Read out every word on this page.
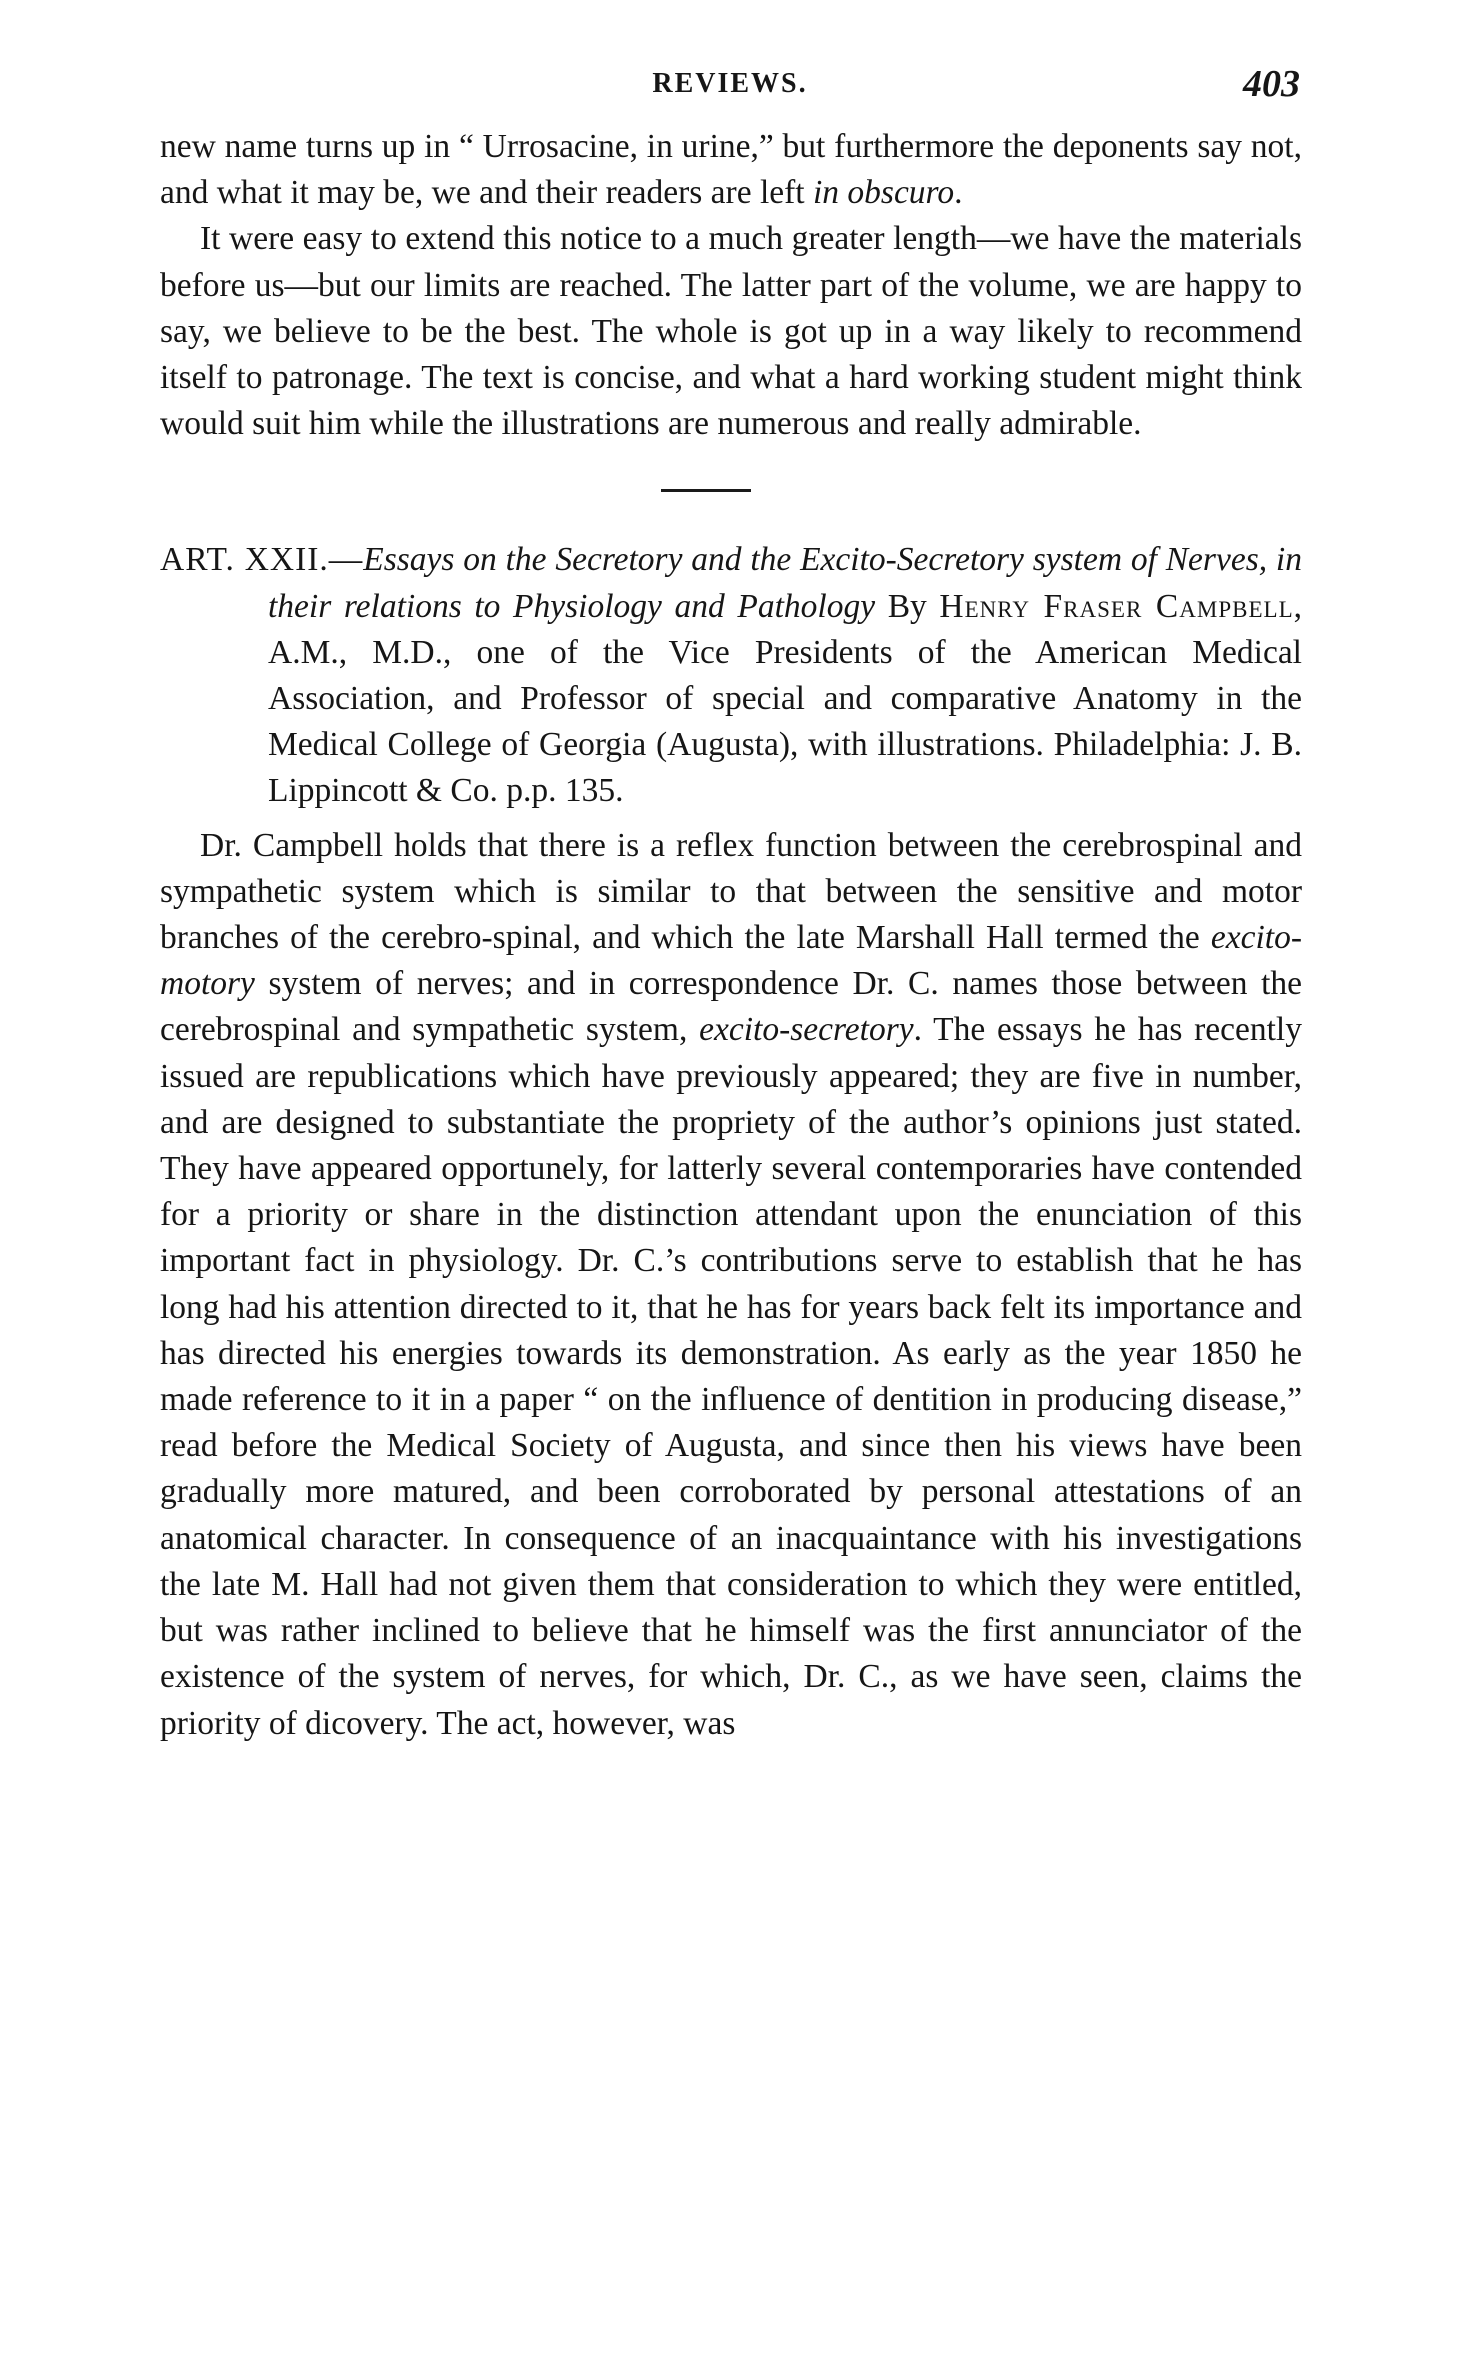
REVIEWS.	403

new name turns up in “ Urrosacine, in urine,” but furthermore the deponents say not, and what it may be, we and their readers are left in obscuro.

It were easy to extend this notice to a much greater length—we have the materials before us—but our limits are reached. The latter part of the volume, we are happy to say, we believe to be the best. The whole is got up in a way likely to recommend itself to patronage. The text is concise, and what a hard working student might think would suit him while the illustrations are numerous and really admirable.

ART. XXII.—Essays on the Secretory and the Excito-Secretory system of Nerves, in their relations to Physiology and Pathology By Henry Fraser Campbell, A.M., M.D., one of the Vice Presidents of the American Medical Association, and Professor of special and comparative Anatomy in the Medical College of Georgia (Augusta), with illustrations. Philadelphia: J. B. Lippincott & Co. p.p. 135.

Dr. Campbell holds that there is a reflex function between the cerebrospinal and sympathetic system which is similar to that between the sensitive and motor branches of the cerebro-spinal, and which the late Marshall Hall termed the excito-motory system of nerves; and in correspondence Dr. C. names those between the cerebrospinal and sympathetic system, excito-secretory. The essays he has recently issued are republications which have previously appeared; they are five in number, and are designed to substantiate the propriety of the author’s opinions just stated. They have appeared opportunely, for latterly several contemporaries have contended for a priority or share in the distinction attendant upon the enunciation of this important fact in physiology. Dr. C.’s contributions serve to establish that he has long had his attention directed to it, that he has for years back felt its importance and has directed his energies towards its demonstration. As early as the year 1850 he made reference to it in a paper “ on the influence of dentition in producing disease,” read before the Medical Society of Augusta, and since then his views have been gradually more matured, and been corroborated by personal attestations of an anatomical character. In consequence of an inacquaintance with his investigations the late M. Hall had not given them that consideration to which they were entitled, but was rather inclined to believe that he himself was the first annunciator of the existence of the system of nerves, for which, Dr. C., as we have seen, claims the priority of dicovery. The act, however, was
